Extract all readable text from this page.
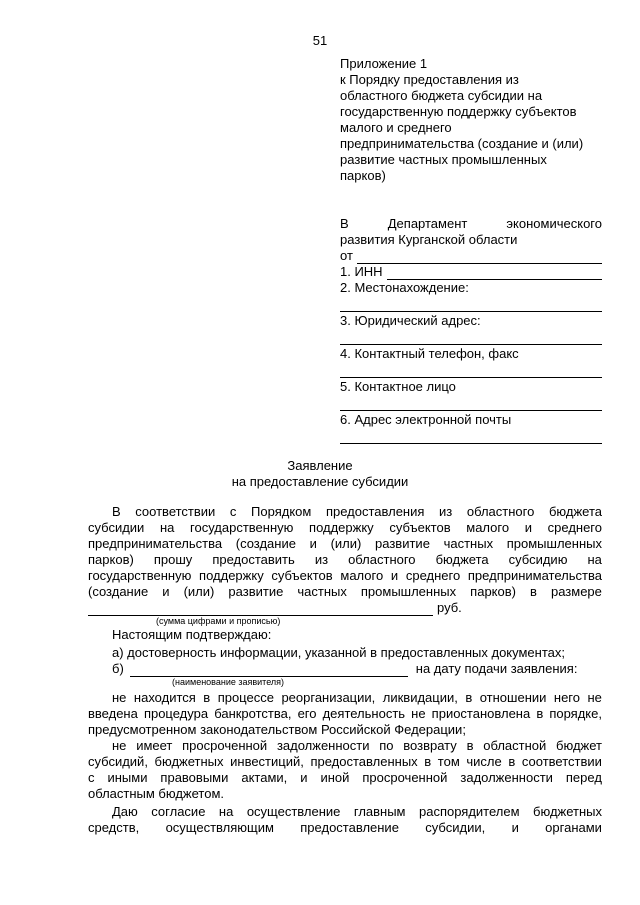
51
Приложение 1
к Порядку предоставления из
областного бюджета субсидии на
государственную поддержку субъектов
малого и среднего
предпринимательства (создание и (или)
развитие частных промышленных
парков)
В	Департамент	экономического
развития Курганской области
от
1. ИНН
2. Местонахождение:
3. Юридический адрес:
4. Контактный телефон, факс
5. Контактное лицо
6. Адрес электронной почты
Заявление
на предоставление субсидии
В соответствии с Порядком предоставления из областного бюджета
субсидии на государственную поддержку субъектов малого и среднего
предпринимательства (создание и (или) развитие частных промышленных
парков) прошу предоставить из областного бюджета субсидию на
государственную поддержку субъектов малого и среднего предпринимательства
(создание и (или) развитие частных промышленных парков) в размере
руб.
(сумма цифрами и прописью)
Настоящим подтверждаю:
а) достоверность информации, указанной в предоставленных документах;
б)	на дату подачи заявления:
(наименование заявителя)
не находится в процессе реорганизации, ликвидации, в отношении него не
введена процедура банкротства, его деятельность не приостановлена в порядке,
предусмотренном законодательством Российской Федерации;
не имеет просроченной задолженности по возврату в областной бюджет
субсидий, бюджетных инвестиций, предоставленных в том числе в соответствии
с иными правовыми актами, и иной просроченной задолженности перед
областным бюджетом.
Даю согласие на осуществление главным распорядителем бюджетных
средств, осуществляющим предоставление субсидии, и органами
